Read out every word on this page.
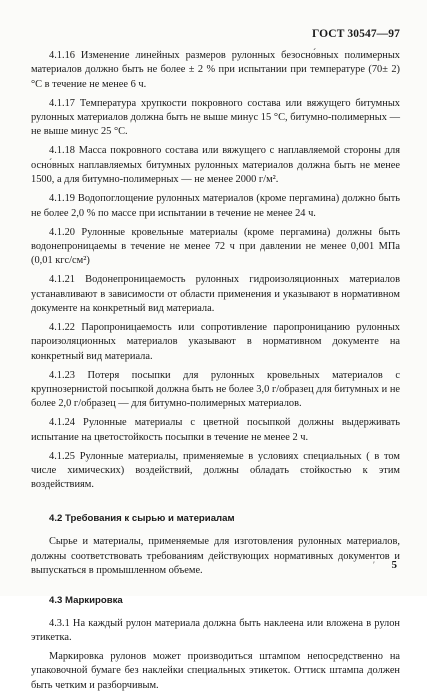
ГОСТ 30547—97

4.1.16 Изменение линейных размеров рулонных безосно́вных полимерных материалов должно быть не более ± 2 % при испытании при температуре (70± 2) °С в течение не менее 6 ч.

4.1.17 Температура хрупкости покровного состава или вяжущего битумных рулонных материалов должна быть не выше минус 15 °С, битумно-полимерных — не выше минус 25 °С.

4.1.18 Масса покровного состава или вяжущего с наплавляемой стороны для осно́вных наплавляемых битумных рулонных материалов должна быть не менее 1500, а для битумно-полимерных — не менее 2000 г/м².

4.1.19 Водопоглощение рулонных материалов (кроме пергамина) должно быть не более 2,0 % по массе при испытании в течение не менее 24 ч.

4.1.20 Рулонные кровельные материалы (кроме пергамина) должны быть водонепроницаемы в течение не менее 72 ч при давлении не менее 0,001 МПа (0,01 кгс/см²)

4.1.21 Водонепроницаемость рулонных гидроизоляционных материалов устанавливают в зависимости от области применения и указывают в нормативном документе на конкретный вид материала.

4.1.22 Паропроницаемость или сопротивление паропроницанию рулонных пароизоляционных материалов указывают в нормативном документе на конкретный вид материала.

4.1.23 Потеря посыпки для рулонных кровельных материалов с крупнозернистой посыпкой должна быть не более 3,0 г/образец для битумных и не более 2,0 г/образец — для битумно-полимерных материалов.

4.1.24 Рулонные материалы с цветной посыпкой должны выдерживать испытание на цветостойкость посыпки в течение не менее 2 ч.

4.1.25 Рулонные материалы, применяемые в условиях специальных ( в том числе химических) воздействий, должны обладать стойкостью к этим воздействиям.

4.2 Требования к сырью и материалам

Сырье и материалы, применяемые для изготовления рулонных материалов, должны соответствовать требованиям действующих нормативных документов и выпускаться в промышленном объеме.

4.3 Маркировка

4.3.1 На каждый рулон материала должна быть наклеена или вложена в рулон этикетка.

Маркировка рулонов может производиться штампом непосредственно на упаковочной бумаге без наклейки специальных этикеток. Оттиск штампа должен быть четким и разборчивым.

′ 5
